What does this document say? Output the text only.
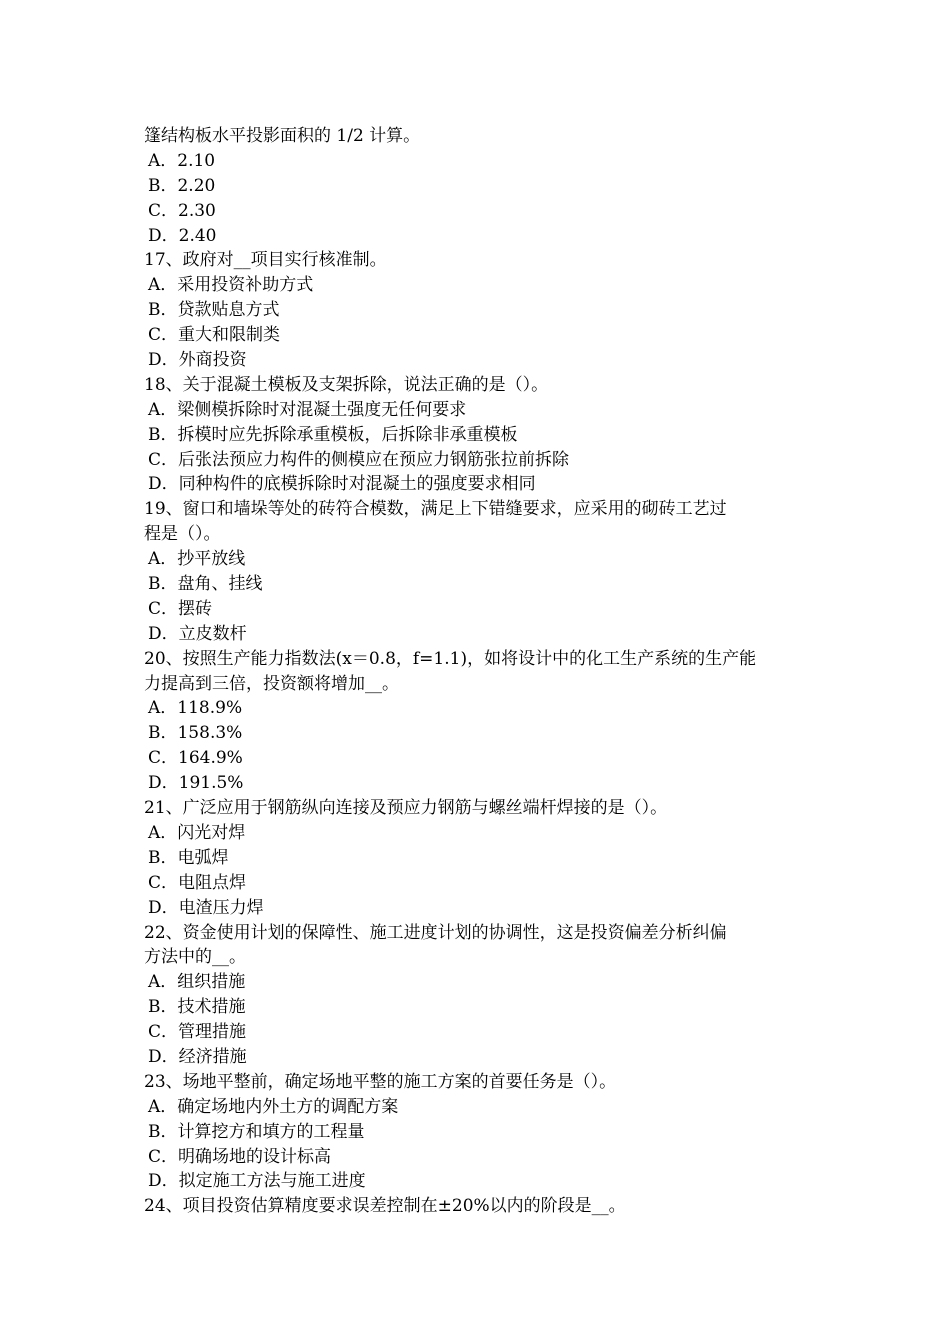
篷结构板水平投影面积的 1/2 计算。
A．2.10
B．2.20
C．2.30
D．2.40
17、政府对__项目实行核准制。
A．采用投资补助方式
B．贷款贴息方式
C．重大和限制类
D．外商投资
18、关于混凝土模板及支架拆除，说法正确的是（）。
A．梁侧模拆除时对混凝土强度无任何要求
B．拆模时应先拆除承重模板，后拆除非承重模板
C．后张法预应力构件的侧模应在预应力钢筋张拉前拆除
D．同种构件的底模拆除时对混凝土的强度要求相同
19、窗口和墙垛等处的砖符合模数，满足上下错缝要求，应采用的砌砖工艺过
程是（）。
A．抄平放线
B．盘角、挂线
C．摆砖
D．立皮数杆
20、按照生产能力指数法(x＝0.8，f=1.1)，如将设计中的化工生产系统的生产能
力提高到三倍，投资额将增加__。
A．118.9%
B．158.3%
C．164.9%
D．191.5%
21、广泛应用于钢筋纵向连接及预应力钢筋与螺丝端杆焊接的是（）。
A．闪光对焊
B．电弧焊
C．电阻点焊
D．电渣压力焊
22、资金使用计划的保障性、施工进度计划的协调性，这是投资偏差分析纠偏
方法中的__。
A．组织措施
B．技术措施
C．管理措施
D．经济措施
23、场地平整前，确定场地平整的施工方案的首要任务是（）。
A．确定场地内外土方的调配方案
B．计算挖方和填方的工程量
C．明确场地的设计标高
D．拟定施工方法与施工进度
24、项目投资估算精度要求误差控制在±20%以内的阶段是__。
